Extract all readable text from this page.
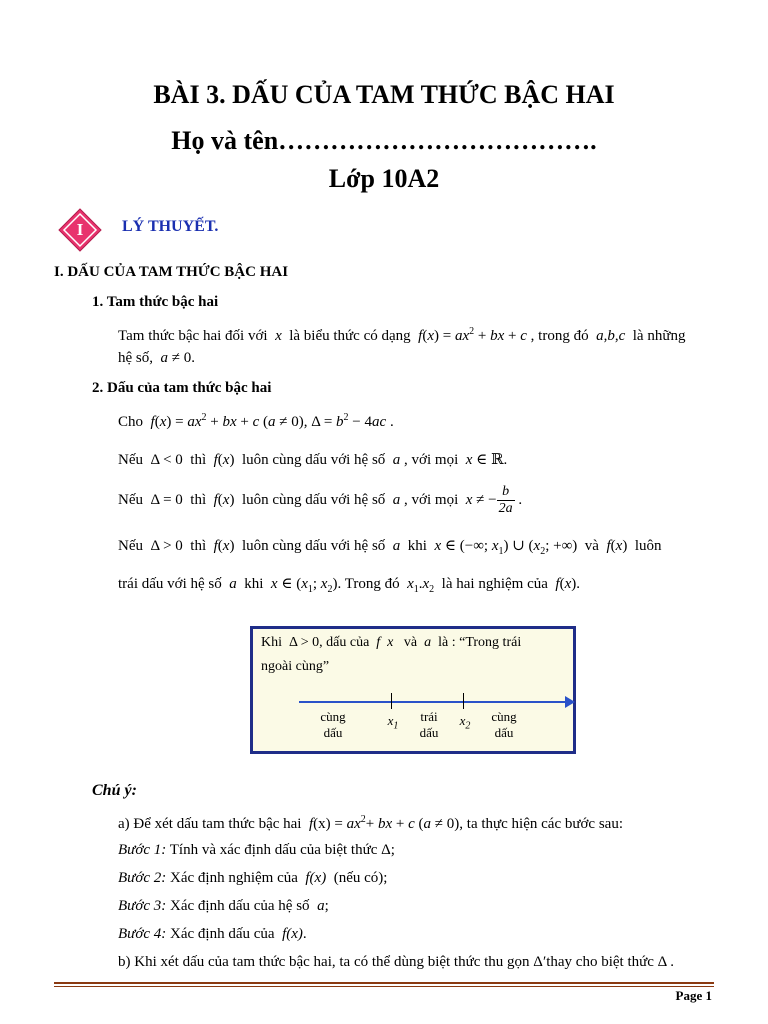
BÀI 3. DẤU CỦA TAM THỨC BẬC HAI
Họ và tên……………………………….
Lớp 10A2
I	LÝ THUYẾT.
I. DẤU CỦA TAM THỨC BẬC HAI
1. Tam thức bậc hai
Tam thức bậc hai đối với  x  là biểu thức có dạng  $f(x) = ax^2$ + bx + c , trong đó  a,b,c là những
hệ số,  a ≠ 0.
2. Dấu của tam thức bậc hai
Cho  $f(x) = ax^2$ + bx + c (a ≠ 0), $\Delta = b^2 - 4ac$ .
Nếu  Δ < 0  thì  f(x)  luôn cùng dấu với hệ số  a , với mọi  x ∈ ℝ.
Nếu  Δ = 0  thì  f(x)  luôn cùng dấu với hệ số  a , với mọi  x ≠ − $\frac{b}{2a}$ .
Nếu  Δ > 0  thì  f(x)  luôn cùng dấu với hệ số  a khi  x ∈ (−∞; $x_1$) ∪ ($x_2$; +∞)  và  f(x)  luôn
trái dấu với hệ số  a khi  x ∈ ($x_1$; $x_2$). Trong đó  $x_1.x_2$ là hai nghiệm của  f(x).
Khi  Δ > 0, dấu của  f  x và  a  là : “Trong trái
ngoài cùng”
cùng
dấu
$x_1$
trái
dấu
$x_2$
cùng
dấu
Chú ý:
a) Để xét dấu tam thức bậc hai  $f(x) = ax^2+$ bx + c (a ≠ 0), ta thực hiện các bước sau:
Bước 1: Tính và xác định dấu của biệt thức Δ;
Bước 2: Xác định nghiệm của  f(x)  (nếu có);
Bước 3: Xác định dấu của hệ số  a;
Bước 4: Xác định dấu của  f(x).
b) Khi xét dấu của tam thức bậc hai, ta có thể dùng biệt thức thu gọn Δ′thay cho biệt thức Δ .
Page 1
